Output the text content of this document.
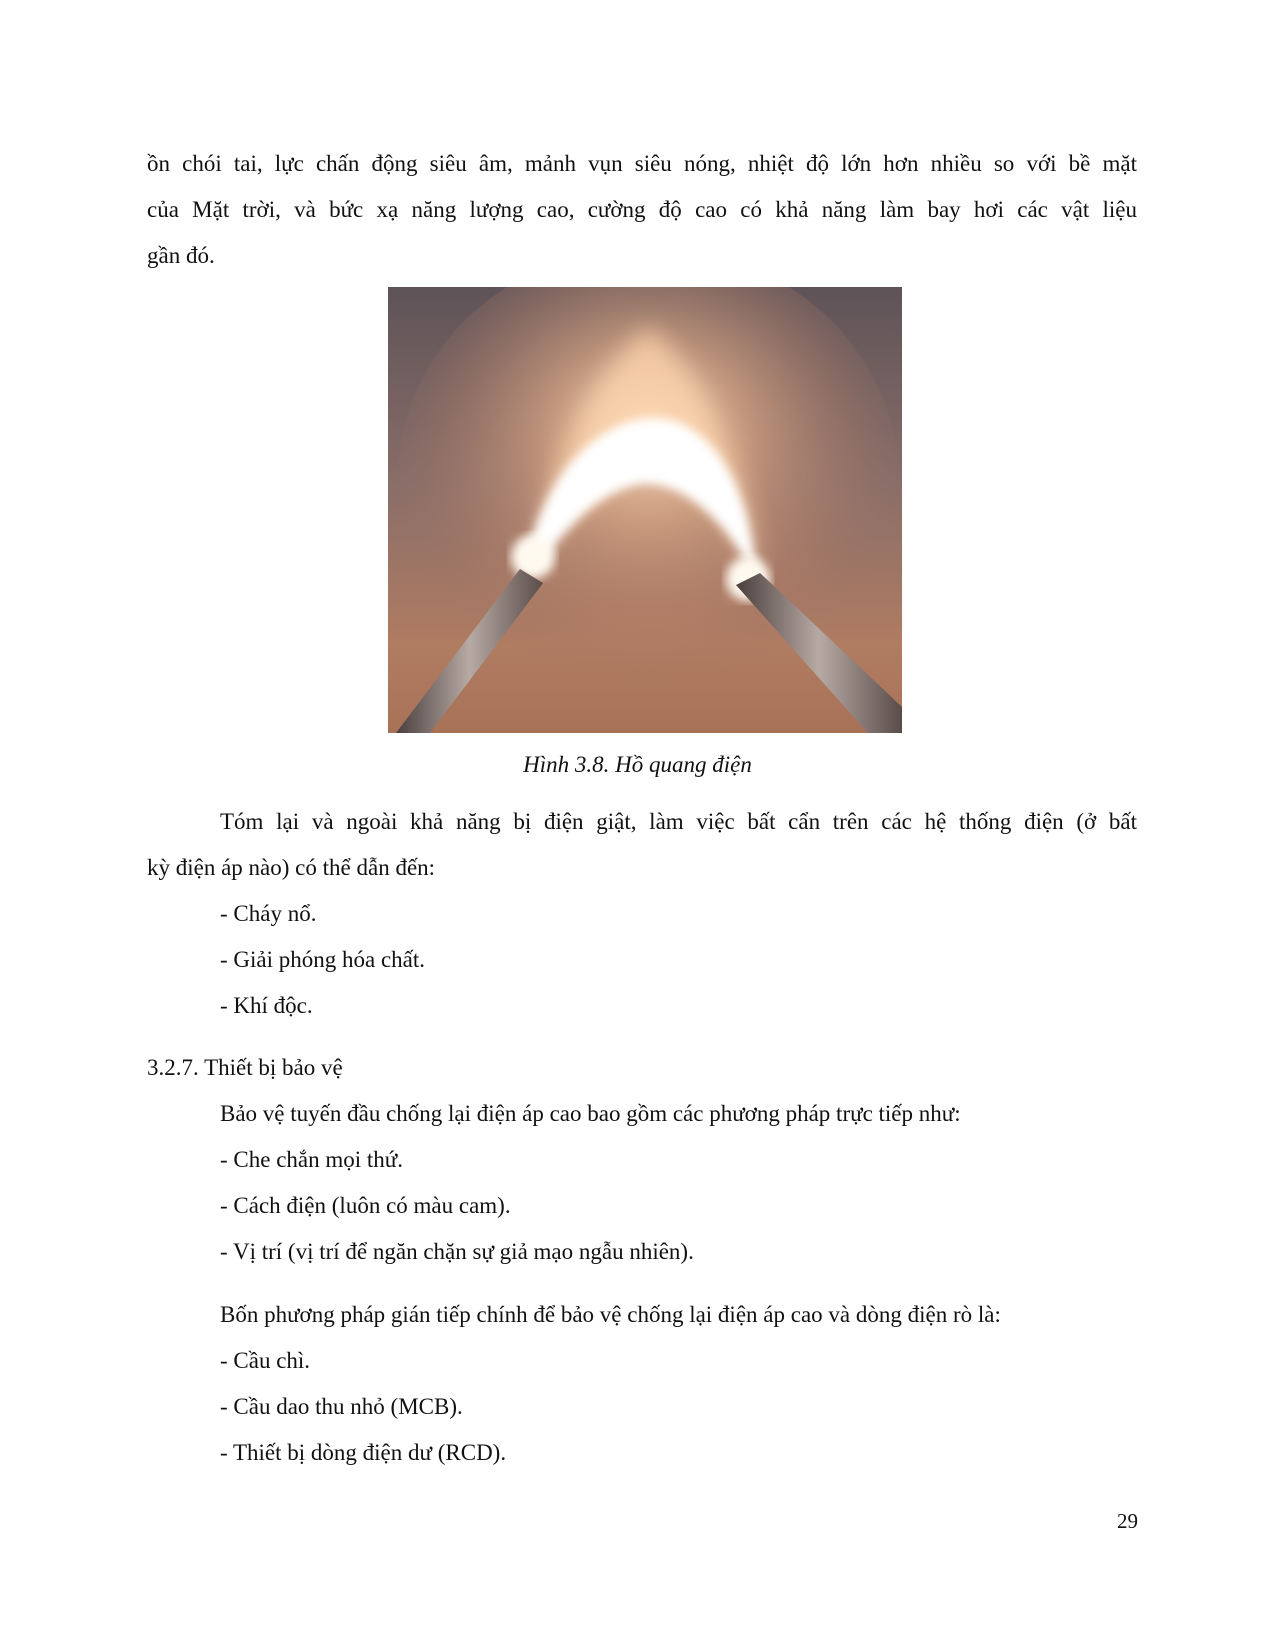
ồn chói tai, lực chấn động siêu âm, mảnh vụn siêu nóng, nhiệt độ lớn hơn nhiều so với bề mặt
của Mặt trời, và bức xạ năng lượng cao, cường độ cao có khả năng làm bay hơi các vật liệu
gần đó.
Hình 3.8. Hồ quang điện
Tóm lại và ngoài khả năng bị điện giật, làm việc bất cẩn trên các hệ thống điện (ở bất
kỳ điện áp nào) có thể dẫn đến:
- Cháy nổ.
- Giải phóng hóa chất.
- Khí độc.
3.2.7. Thiết bị bảo vệ
Bảo vệ tuyến đầu chống lại điện áp cao bao gồm các phương pháp trực tiếp như:
- Che chắn mọi thứ.
- Cách điện (luôn có màu cam).
- Vị trí (vị trí để ngăn chặn sự giả mạo ngẫu nhiên).
Bốn phương pháp gián tiếp chính để bảo vệ chống lại điện áp cao và dòng điện rò là:
- Cầu chì.
- Cầu dao thu nhỏ (MCB).
- Thiết bị dòng điện dư (RCD).
29
